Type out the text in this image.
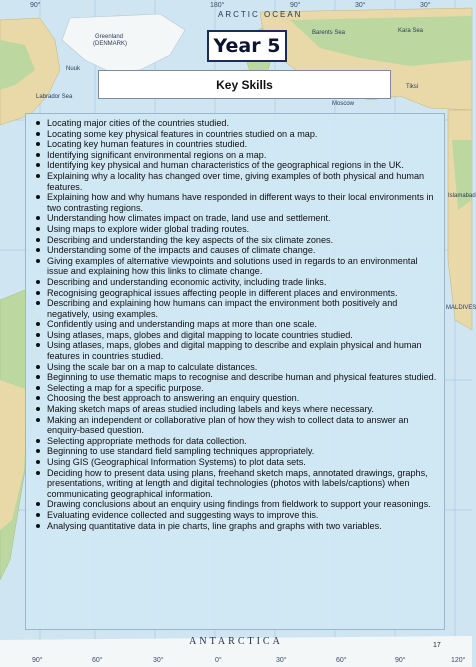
90°	180°	90°	30°	30°
ARCTIC OCEAN
Greenland
(DENMARK)
Nuuk
Labrador Sea
Barents Sea	Kara Sea
Moscow
Tiksi
Islamabad
MALDIVES
ANTARCTICA
90°	60°	30°	0°	30°	60°	90°	120°
17
Year 5
Key Skills
Locating major cities of the countries studied.
Locating some key physical features in countries studied on a map.
Locating key human features in countries studied.
Identifying significant environmental regions on a map.
Identifying key physical and human characteristics of the geographical regions in the UK.
Explaining why a locality has changed over time, giving examples of both physical and human features.
Explaining how and why humans have responded in different ways to their local environments in two contrasting regions.
Understanding how climates impact on trade, land use and settlement.
Using maps to explore wider global trading routes.
Describing and understanding the key aspects of the six climate zones.
Understanding some of the impacts and causes of climate change.
Giving examples of alternative viewpoints and solutions used in regards to an environmental issue and explaining how this links to climate change.
Describing and understanding economic activity, including trade links.
Recognising geographical issues affecting people in different places and environments.
Describing and explaining how humans can impact the environment both positively and negatively, using examples.
Confidently using and understanding maps at more than one scale.
Using atlases, maps, globes and digital mapping to locate countries studied.
Using atlases, maps, globes and digital mapping to describe and explain physical and human features in countries studied.
Using the scale bar on a map to calculate distances.
Beginning to use thematic maps to recognise and describe human and physical features studied.
Selecting a map for a specific purpose.
Choosing the best approach to answering an enquiry question.
Making sketch maps of areas studied including labels and keys where necessary.
Making an independent or collaborative plan of how they wish to collect data to answer an enquiry-based question.
Selecting appropriate methods for data collection.
Beginning to use standard field sampling techniques appropriately.
Using GIS (Geographical Information Systems) to plot data sets.
Deciding how to present data using plans, freehand sketch maps, annotated drawings, graphs, presentations, writing at length and digital technologies (photos with labels/captions) when communicating geographical information.
Drawing conclusions about an enquiry using findings from fieldwork to support your reasonings.
Evaluating evidence collected and suggesting ways to improve this.
Analysing quantitative data in pie charts, line graphs and graphs with two variables.
